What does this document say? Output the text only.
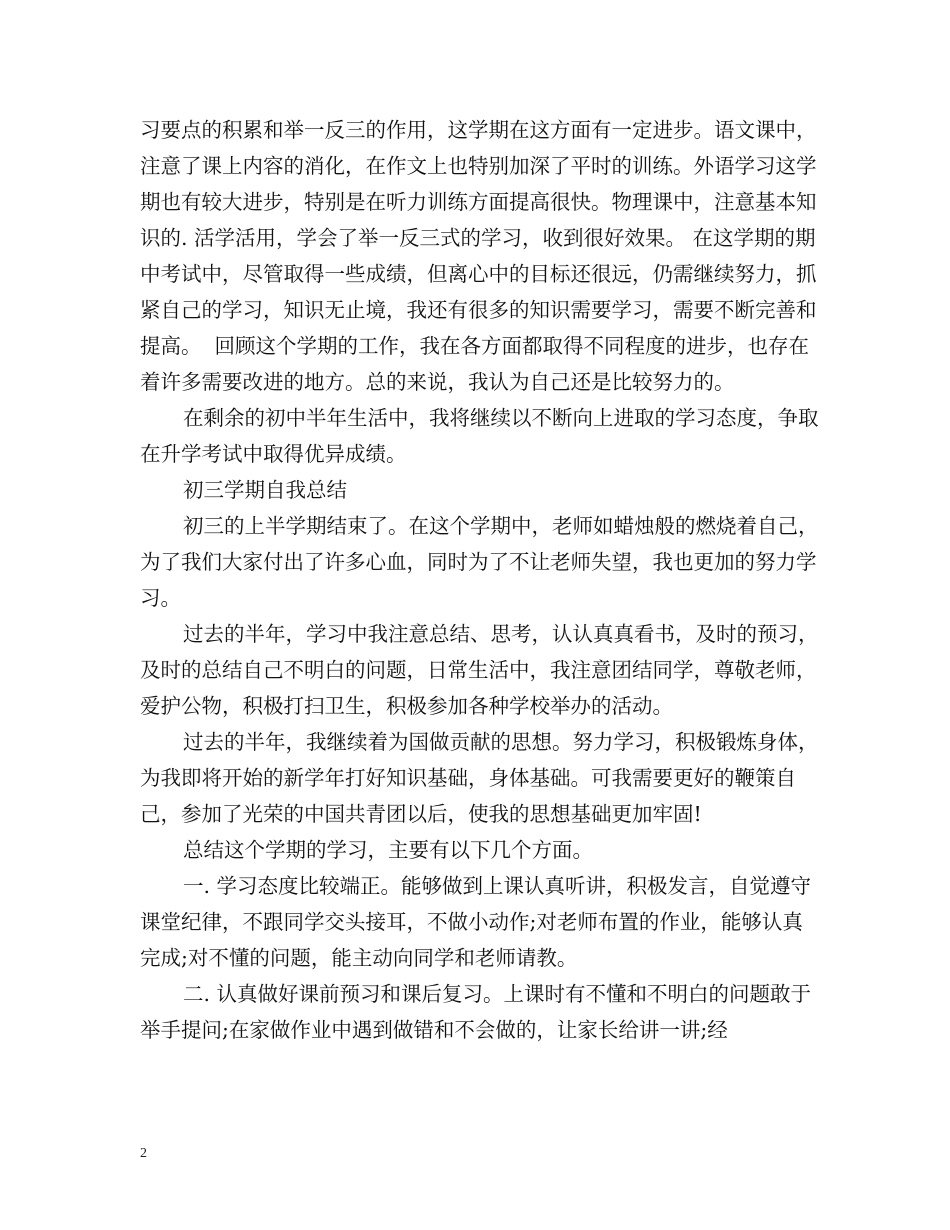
习要点的积累和举一反三的作用，这学期在这方面有一定进步。语文课中，注意了课上内容的消化，在作文上也特别加深了平时的训练。外语学习这学期也有较大进步，特别是在听力训练方面提高很快。物理课中，注意基本知识的. 活学活用，学会了举一反三式的学习，收到很好效果。 在这学期的期中考试中，尽管取得一些成绩，但离心中的目标还很远，仍需继续努力，抓紧自己的学习，知识无止境，我还有很多的知识需要学习，需要不断完善和提高。  回顾这个学期的工作，我在各方面都取得不同程度的进步，也存在着许多需要改进的地方。总的来说，我认为自己还是比较努力的。

在剩余的初中半年生活中，我将继续以不断向上进取的学习态度，争取在升学考试中取得优异成绩。

初三学期自我总结

初三的上半学期结束了。在这个学期中，老师如蜡烛般的燃烧着自己，为了我们大家付出了许多心血，同时为了不让老师失望，我也更加的努力学习。

过去的半年，学习中我注意总结、思考，认认真真看书，及时的预习，及时的总结自己不明白的问题，日常生活中，我注意团结同学，尊敬老师，爱护公物，积极打扫卫生，积极参加各种学校举办的活动。

过去的半年，我继续着为国做贡献的思想。努力学习，积极锻炼身体，为我即将开始的新学年打好知识基础，身体基础。可我需要更好的鞭策自己，参加了光荣的中国共青团以后，使我的思想基础更加牢固!

总结这个学期的学习，主要有以下几个方面。

一. 学习态度比较端正。能够做到上课认真听讲，积极发言，自觉遵守课堂纪律，不跟同学交头接耳，不做小动作;对老师布置的作业，能够认真完成;对不懂的问题，能主动向同学和老师请教。

二. 认真做好课前预习和课后复习。上课时有不懂和不明白的问题敢于举手提问;在家做作业中遇到做错和不会做的，让家长给讲一讲;经

2
